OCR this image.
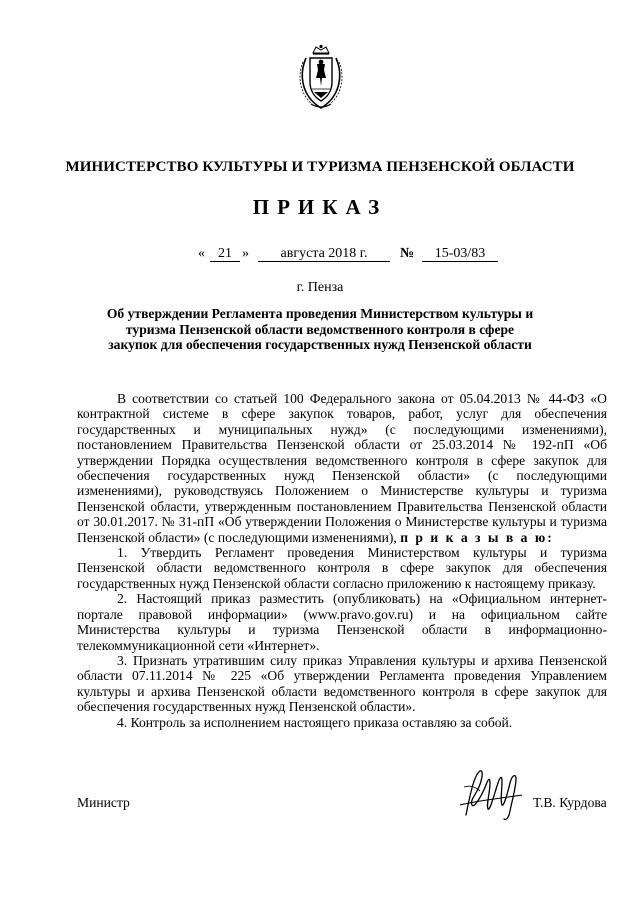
МИНИСТЕРСТВО КУЛЬТУРЫ И ТУРИЗМА ПЕНЗЕНСКОЙ ОБЛАСТИ
ПРИКАЗ
« 21 »	августа 2018 г.	№	15-03/83
г. Пенза
Об утверждении Регламента проведения Министерством культуры и туризма Пензенской области ведомственного контроля в сфере закупок для обеспечения государственных нужд Пензенской области

В соответствии со статьей 100 Федерального закона от 05.04.2013 № 44-ФЗ «О контрактной системе в сфере закупок товаров, работ, услуг для обеспечения государственных и муниципальных нужд» (с последующими изменениями), постановлением Правительства Пензенской области от 25.03.2014 № 192-пП «Об утверждении Порядка осуществления ведомственного контроля в сфере закупок для обеспечения государственных нужд Пензенской области» (с последующими изменениями), руководствуясь Положением о Министерстве культуры и туризма Пензенской области, утвержденным постановлением Правительства Пензенской области от 30.01.2017. № 31-пП «Об утверждении Положения о Министерстве культуры и туризма Пензенской области» (с последующими изменениями), п р и к а з ы в а ю:

1. Утвердить Регламент проведения Министерством культуры и туризма Пензенской области ведомственного контроля в сфере закупок для обеспечения государственных нужд Пензенской области согласно приложению к настоящему приказу.

2. Настоящий приказ разместить (опубликовать) на «Официальном интернет-портале правовой информации» (www.pravo.gov.ru) и на официальном сайте Министерства культуры и туризма Пензенской области в информационно-телекоммуникационной сети «Интернет».

3. Признать утратившим силу приказ Управления культуры и архива Пензенской области 07.11.2014 № 225 «Об утверждении Регламента проведения Управлением культуры и архива Пензенской области ведомственного контроля в сфере закупок для обеспечения государственных нужд Пензенской области».

4. Контроль за исполнением настоящего приказа оставляю за собой.

Министр	Т.В. Курдова
